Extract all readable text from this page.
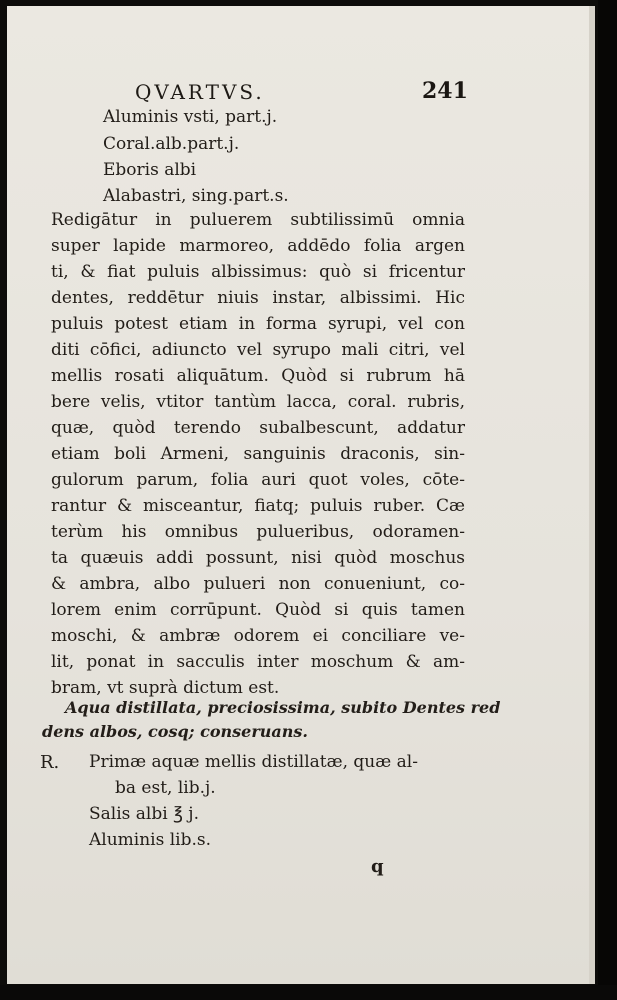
QVARTVS.	241
Aluminis vsti, part.j.
Coral.alb.part.j.
Eboris albi
Alabastri, sing.part.s.
Redigātur in puluerem subtilissimū omnia
super lapide marmoreo, addēdo folia argen
ti, & fiat puluis albissimus: quò si fricentur
dentes, reddētur niuis instar, albissimi. Hic
puluis potest etiam in forma syrupi, vel con
diti cōfici, adiuncto vel syrupo mali citri, vel
mellis rosati aliquātum. Quòd si rubrum hā
bere velis, vtitor tantùm lacca, coral. rubris,
quæ, quòd terendo subalbescunt, addatur
etiam boli Armeni, sanguinis draconis, sin-
gulorum parum, folia auri quot voles, cōte-
rantur & misceantur, fiatq; puluis ruber. Cæ
terùm his omnibus pulueribus, odoramen-
ta quæuis addi possunt, nisi quòd moschus
& ambra, albo pulueri non conueniunt, co-
lorem enim corrūpunt. Quòd si quis tamen
moschi, & ambræ odorem ei conciliare ve-
lit, ponat in sacculis inter moschum & am-
bram, vt suprà dictum est.
Aqua distillata, preciosissima, subito Dentes red
dens albos, cosq; conseruans.
R. Primæ aquæ mellis distillatæ, quæ al-
ba est, lib.j.
Salis albi ℥ j.
Aluminis lib.s.
q
